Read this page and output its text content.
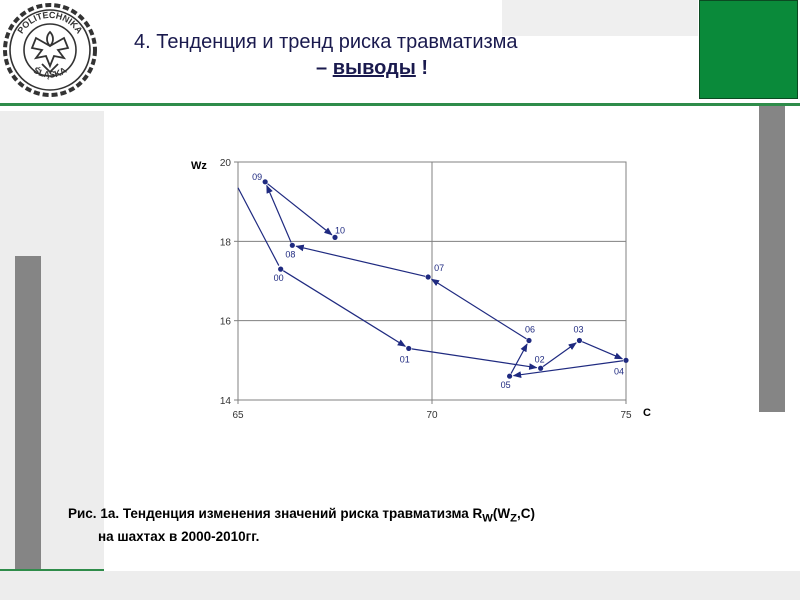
POLITECHNIKA
ŚLĄSKA
4. Тенденция и тренд риска травматизма
– выводы !
14
16
18
20
65	70	75
Wz
C
00
01	02
03
04
05
06
07
08
09
10
Рис. 1а. Тенденция изменения значений риска травматизма $R_W(W_Z,C)$
на шахтах в 2000-2010гг.
